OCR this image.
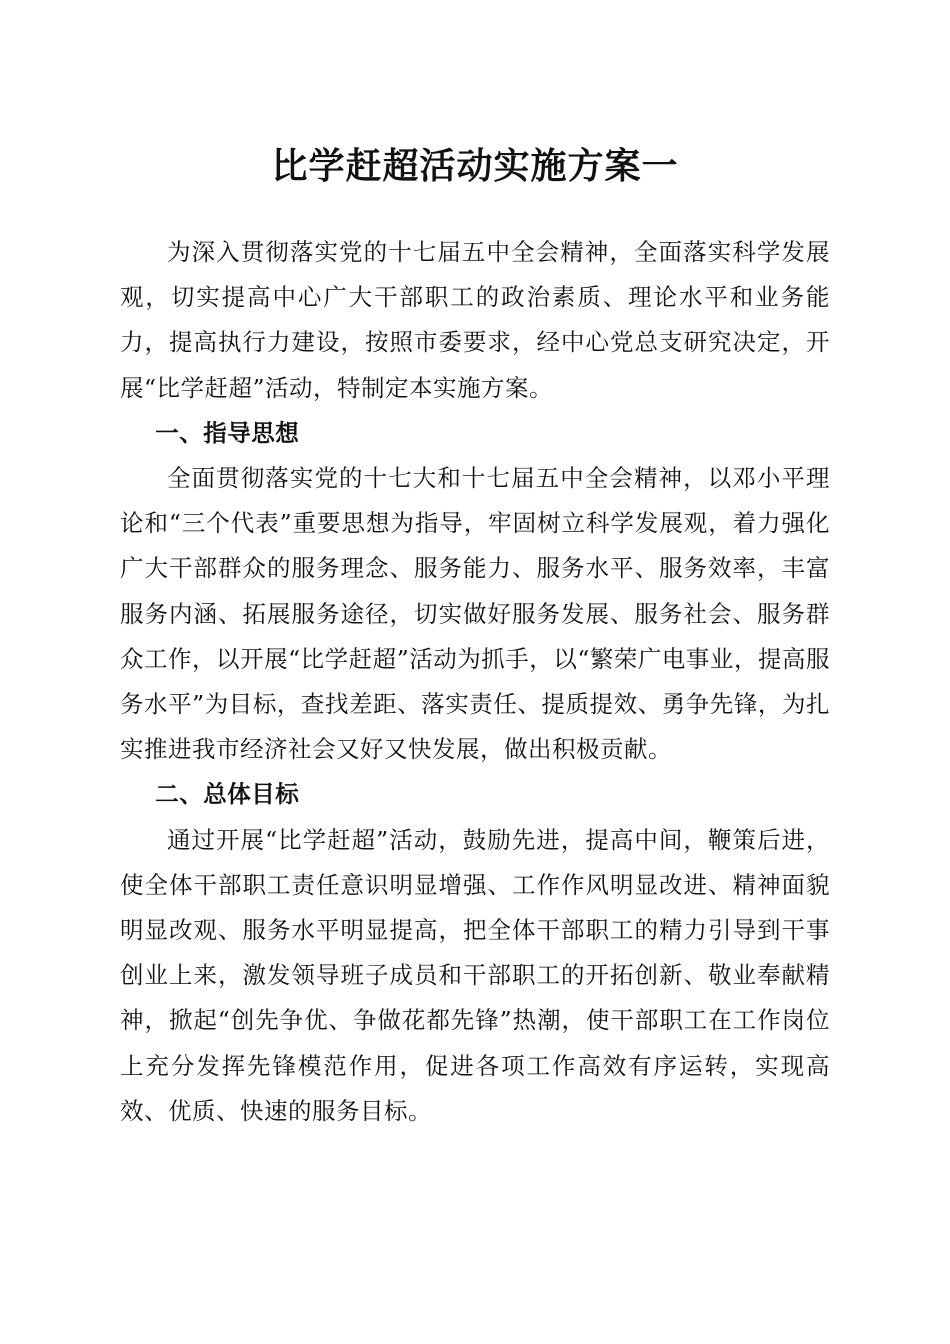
比学赶超活动实施方案一

为深入贯彻落实党的十七届五中全会精神，全面落实科学发展观，切实提高中心广大干部职工的政治素质、理论水平和业务能力，提高执行力建设，按照市委要求，经中心党总支研究决定，开展“比学赶超”活动，特制定本实施方案。

一、指导思想

全面贯彻落实党的十七大和十七届五中全会精神，以邓小平理论和“三个代表”重要思想为指导，牢固树立科学发展观，着力强化广大干部群众的服务理念、服务能力、服务水平、服务效率，丰富服务内涵、拓展服务途径，切实做好服务发展、服务社会、服务群众工作，以开展“比学赶超”活动为抓手，以“繁荣广电事业，提高服务水平”为目标，查找差距、落实责任、提质提效、勇争先锋，为扎实推进我市经济社会又好又快发展，做出积极贡献。

二、总体目标

通过开展“比学赶超”活动，鼓励先进，提高中间，鞭策后进，使全体干部职工责任意识明显增强、工作作风明显改进、精神面貌明显改观、服务水平明显提高，把全体干部职工的精力引导到干事创业上来，激发领导班子成员和干部职工的开拓创新、敬业奉献精神，掀起“创先争优、争做花都先锋”热潮，使干部职工在工作岗位上充分发挥先锋模范作用，促进各项工作高效有序运转，实现高效、优质、快速的服务目标。
